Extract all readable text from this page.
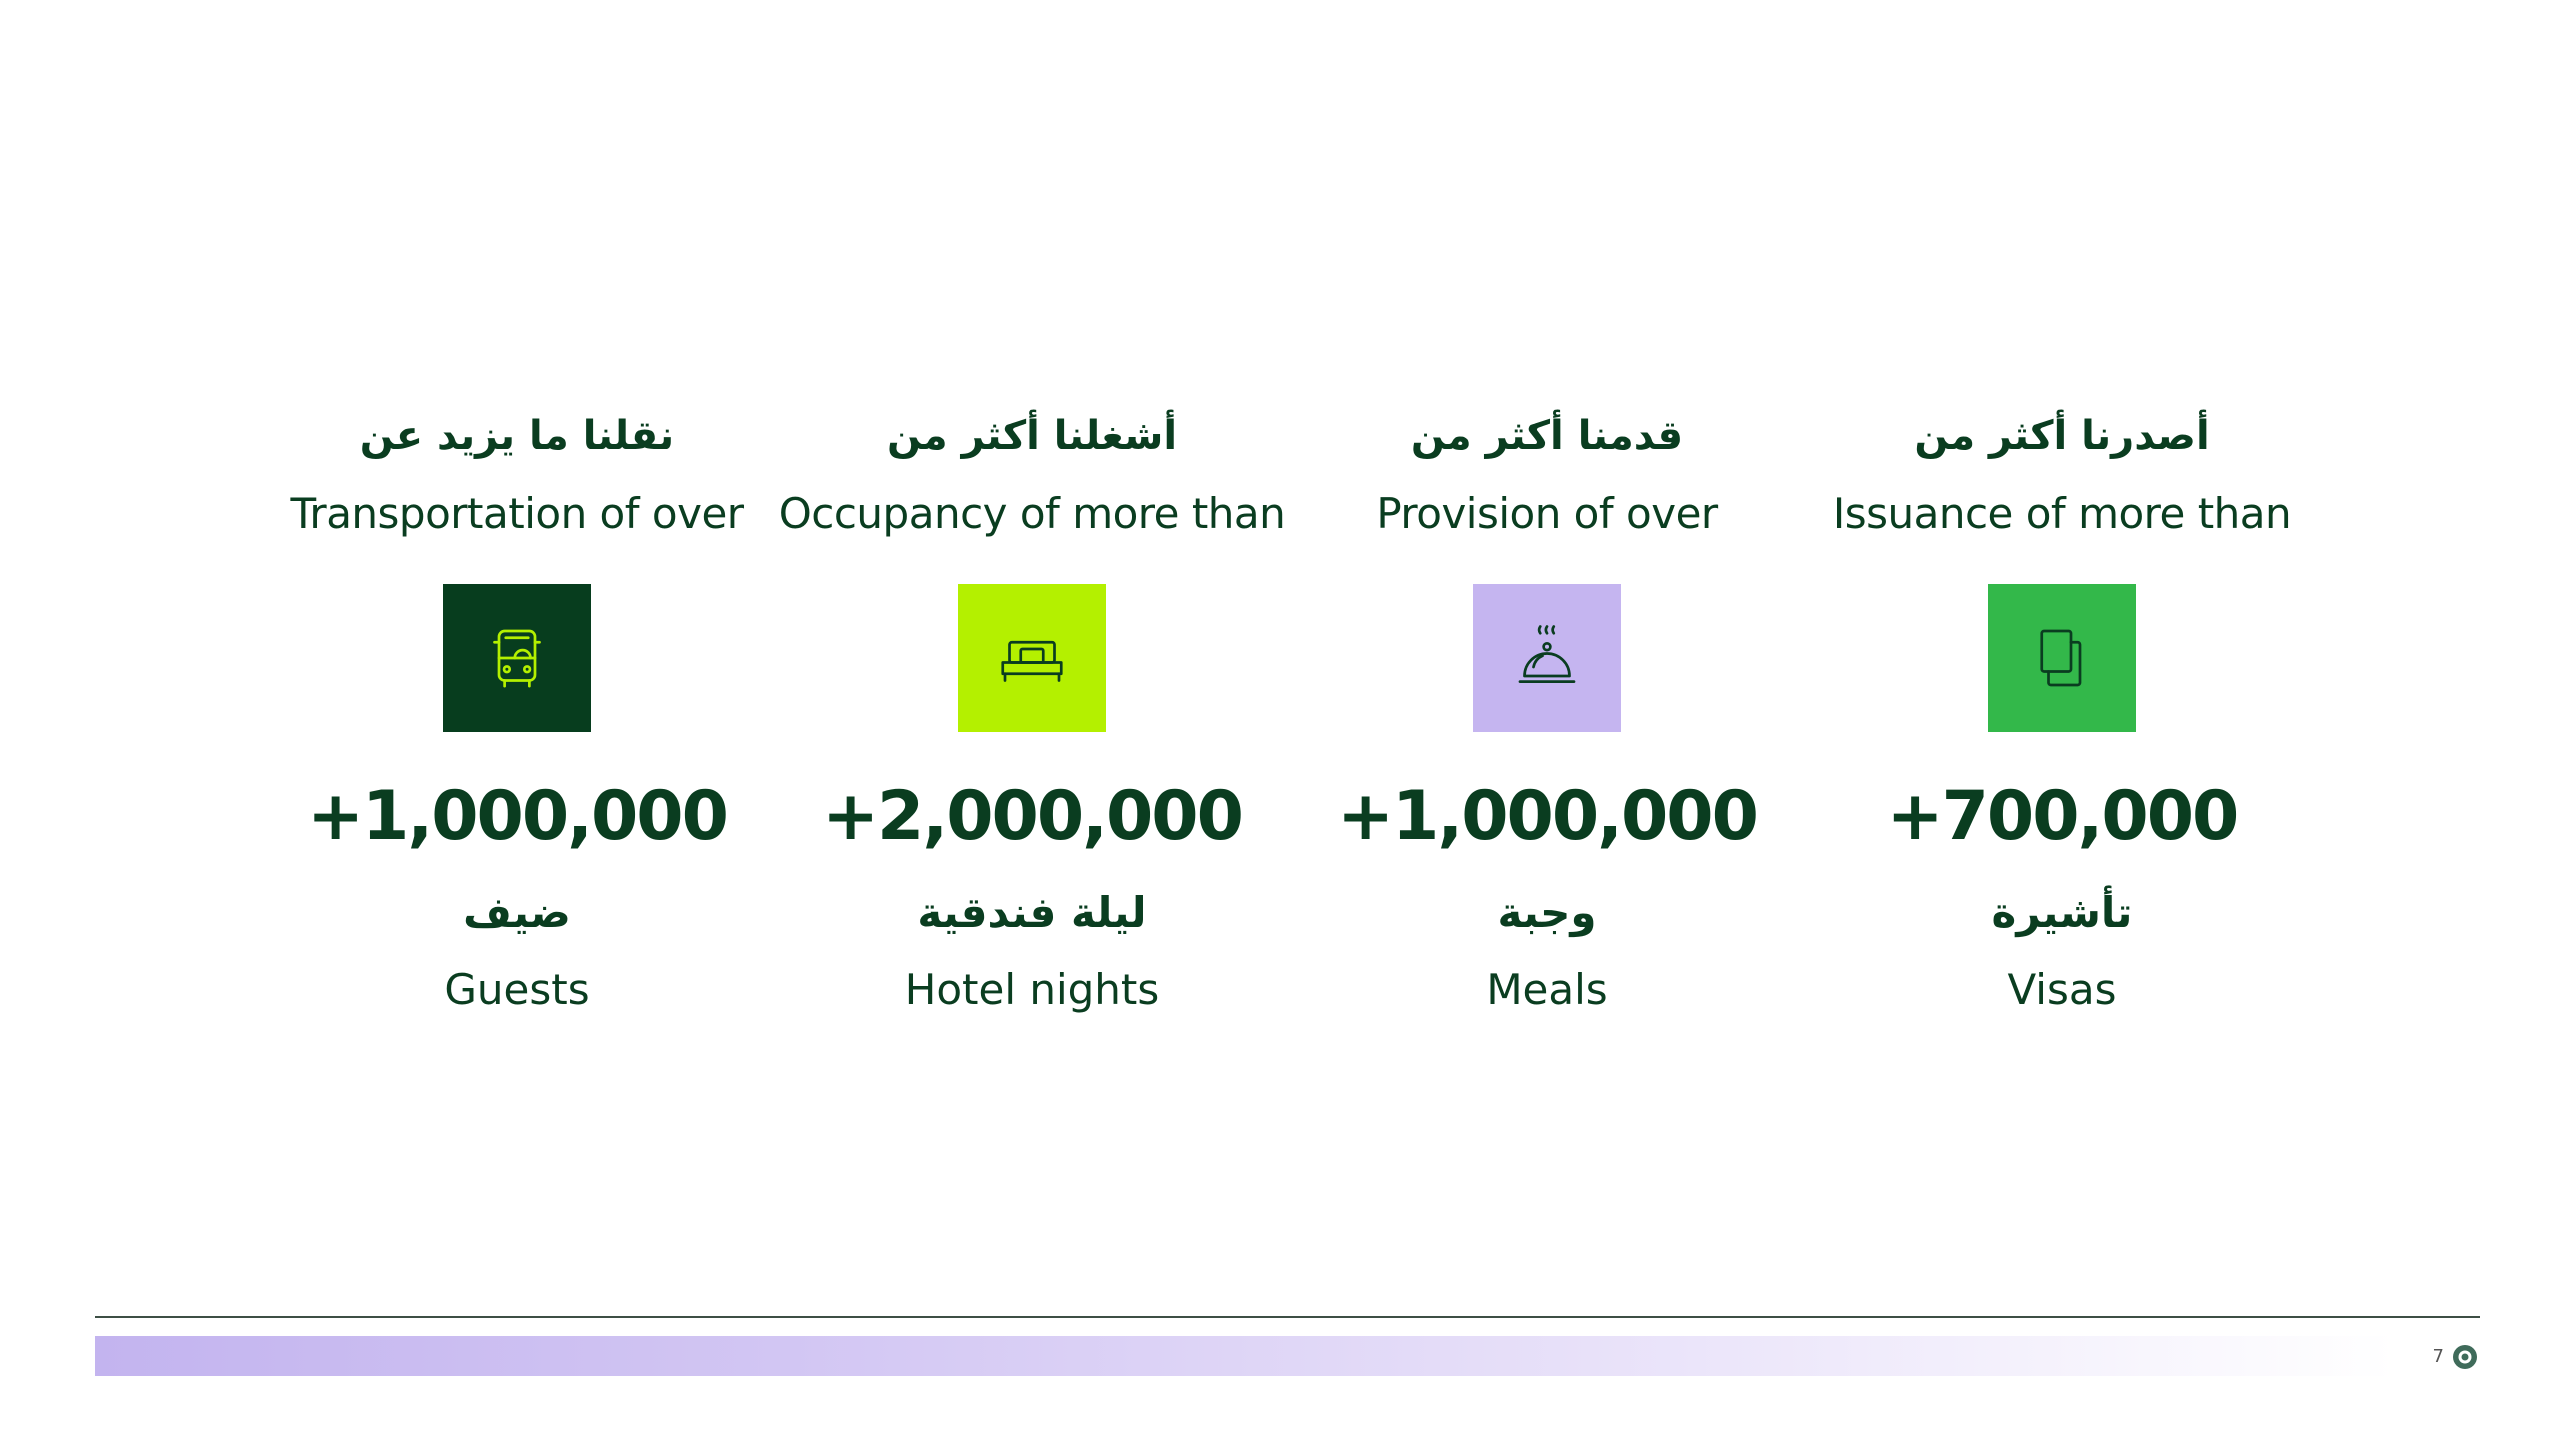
نقلنا ما يزيد عن
Transportation of over
+1,000,000
ضيف
Guests
أشغلنا أكثر من
Occupancy of more than
+2,000,000
ليلة فندقية
Hotel nights
قدمنا أكثر من
Provision of over
+1,000,000
وجبة
Meals
أصدرنا أكثر من
Issuance of more than
+700,000
تأشيرة
Visas
7
